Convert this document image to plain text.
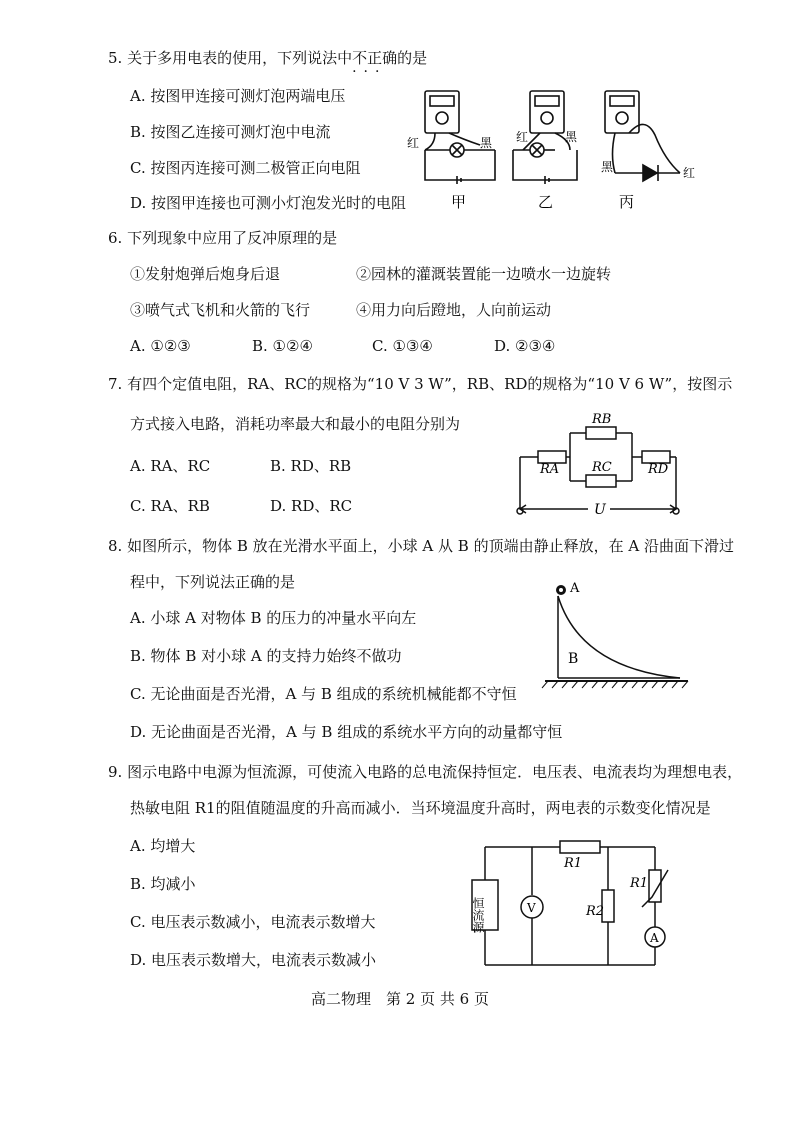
5. 关于多用电表的使用，下列说法中不正确 ···的是
A. 按图甲连接可测灯泡两端电压
B. 按图乙连接可测灯泡中电流
C. 按图丙连接可测二极管正向电阻
D. 按图甲连接也可测小灯泡发光时的电阻
红	黑 红	黑
黑	红
甲	乙	丙
6. 下列现象中应用了反冲原理的是
①发射炮弹后炮身后退	②园林的灌溉装置能一边喷水一边旋转
③喷气式飞机和火箭的飞行	④用力向后蹬地，人向前运动
A. ①②③	B. ①②④	C. ①③④	D. ②③④
7. 有四个定值电阻，RA、RC的规格为“10 V 3 W”，RB、RD的规格为“10 V 6 W”，按图示
方式接入电路，消耗功率最大和最小的电阻分别为
A. RA、RC	B. RD、RB
C. RA、RB	D. RD、RC
RA
RB
RC	RD
U
8. 如图所示，物体 B 放在光滑水平面上，小球 A 从 B 的顶端由静止释放，在 A 沿曲面下滑过
程中，下列说法正确的是
A. 小球 A 对物体 B 的压力的冲量水平向左
B. 物体 B 对小球 A 的支持力始终不做功
C. 无论曲面是否光滑，A 与 B 组成的系统机械能都不守恒
D. 无论曲面是否光滑，A 与 B 组成的系统水平方向的动量都守恒
A
B
9. 图示电路中电源为恒流源，可使流入电路的总电流保持恒定．电压表、电流表均为理想电表，
热敏电阻 R1的阻值随温度的升高而减小．当环境温度升高时，两电表的示数变化情况是
A. 均增大
B. 均减小
C. 电压表示数减小，电流表示数增大
D. 电压表示数增大，电流表示数减小
恒流源	V
A
R1
R2
R1
高二物理　第 2 页 共 6 页
